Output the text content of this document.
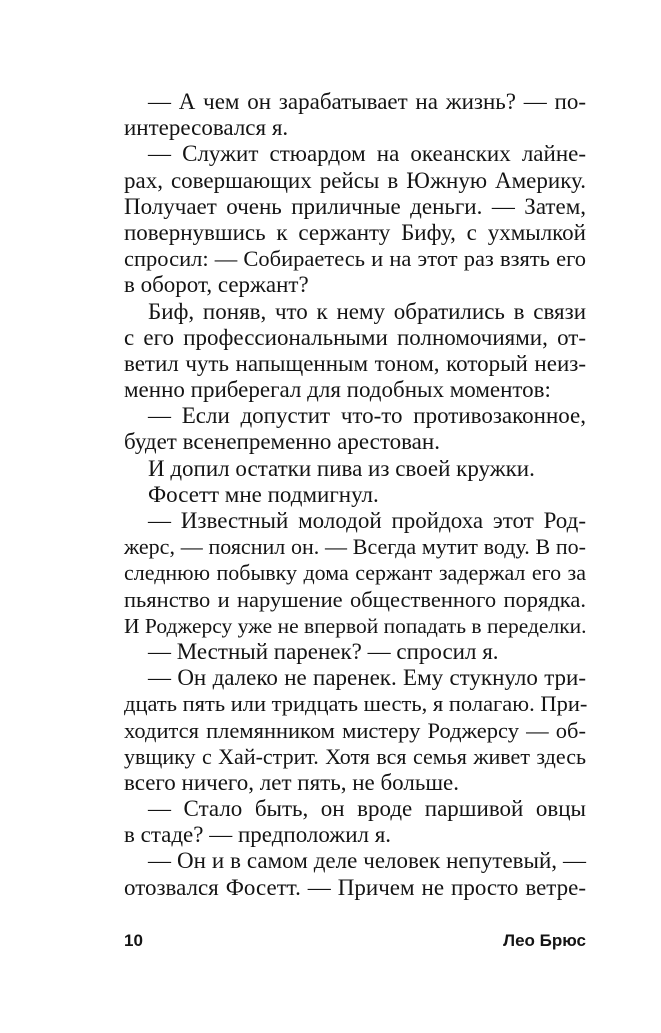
— А чем он зарабатывает на жизнь? — по-
интересовался я.
— Служит стюардом на океанских лайне-
рах, совершающих рейсы в Южную Америку.
Получает очень приличные деньги. — Затем,
повернувшись к сержанту Бифу, с ухмылкой
спросил: — Собираетесь и на этот раз взять его
в оборот, сержант?
Биф, поняв, что к нему обратились в связи
с его профессиональными полномочиями, от-
ветил чуть напыщенным тоном, который неиз-
менно приберегал для подобных моментов:
— Если допустит что-то противозаконное,
будет всенепременно арестован.
И допил остатки пива из своей кружки.
Фосетт мне подмигнул.
— Известный молодой пройдоха этот Род-
жерс, — пояснил он. — Всегда мутит воду. В по-
следнюю побывку дома сержант задержал его за
пьянство и нарушение общественного порядка.
И Роджерсу уже не впервой попадать в переделки.
— Местный паренек? — спросил я.
— Он далеко не паренек. Ему стукнуло три-
дцать пять или тридцать шесть, я полагаю. При-
ходится племянником мистеру Роджерсу — об-
увщику с Хай-стрит. Хотя вся семья живет здесь
всего ничего, лет пять, не больше.
— Стало быть, он вроде паршивой овцы
в стаде? — предположил я.
— Он и в самом деле человек непутевый, —
отозвался Фосетт. — Причем не просто ветре-
10	Лео Брюс
